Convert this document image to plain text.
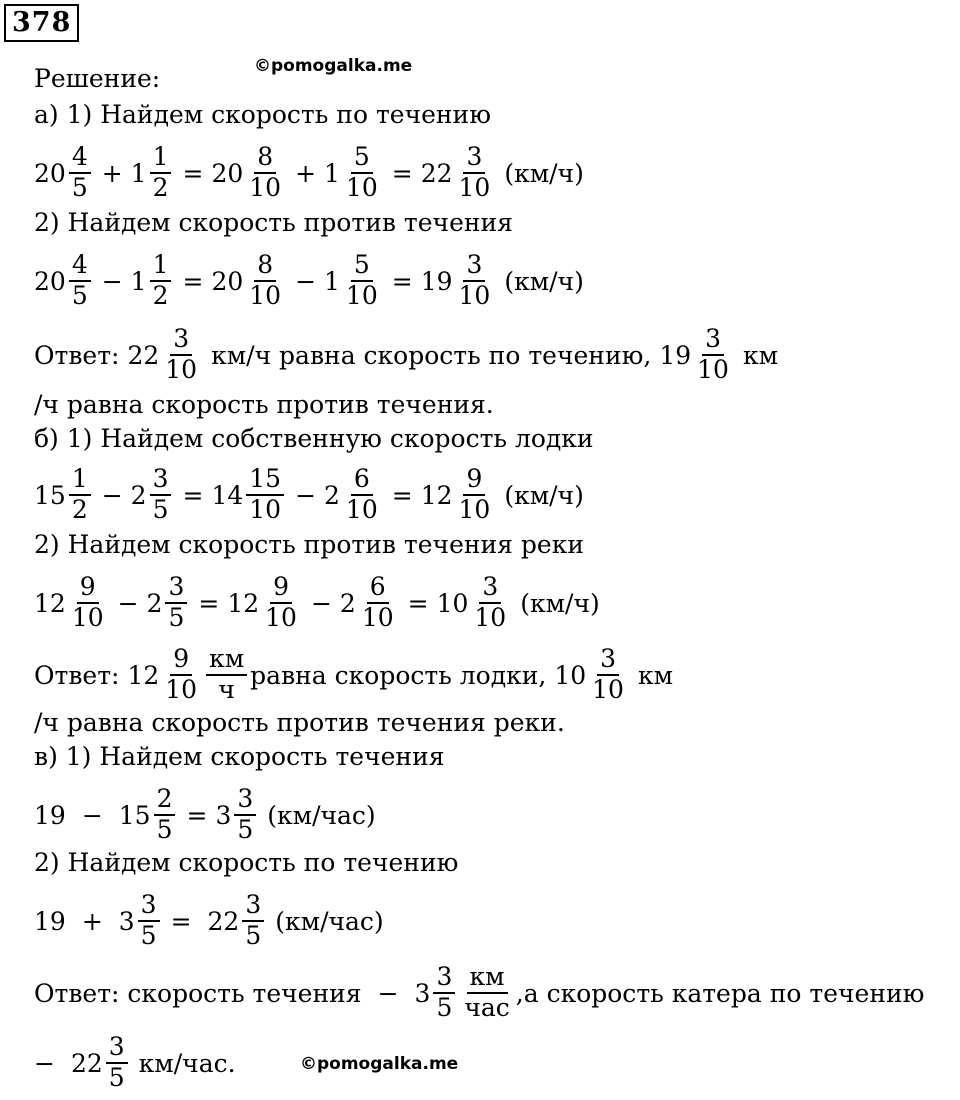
378
©pomogalka.me
Решение:
а) 1) Найдем скорость по течению
$20 \frac{4}{5} + 1 \frac{1}{2} = 20 \frac{8}{10} + 1 \frac{5}{10} = 22 \frac{3}{10} (км/ч)$
2) Найдем скорость против течения
$20 \frac{4}{5} - 1 \frac{1}{2} = 20 \frac{8}{10} - 1 \frac{5}{10} = 19 \frac{3}{10} (км/ч)$
Ответ: $22 \frac{3}{10} км/ч$ равна скорость по течению, $19 \frac{3}{10}$ км
/ч равна скорость против течения.
б) 1) Найдем собственную скорость лодки
$15 \frac{1}{2} - 2 \frac{3}{5} = 14 \frac{15}{10} - 2 \frac{6}{10} = 12 \frac{9}{10} (км/ч)$
2) Найдем скорость против течения реки
$12 \frac{9}{10} - 2 \frac{3}{5} = 12 \frac{9}{10} - 2 \frac{6}{10} = 10 \frac{3}{10} (км/ч)$
Ответ: $12 \frac{9}{10} \frac{км}{ч}$ равна скорость лодки, $10 \frac{3}{10}$ км
/ч равна скорость против течения реки.
в) 1) Найдем скорость течения
$19 - 15 \frac{2}{5} = 3 \frac{3}{5} (км/час)$
2) Найдем скорость по течению
$19 + 3 \frac{3}{5} = 22 \frac{3}{5} (км/час)$
Ответ: скорость течения − $3 \frac{3}{5} \frac{км}{\text{час}} ,а$ скорость катера по течению
− $22 \frac{3}{5} км/час$.	©pomogalka.me
